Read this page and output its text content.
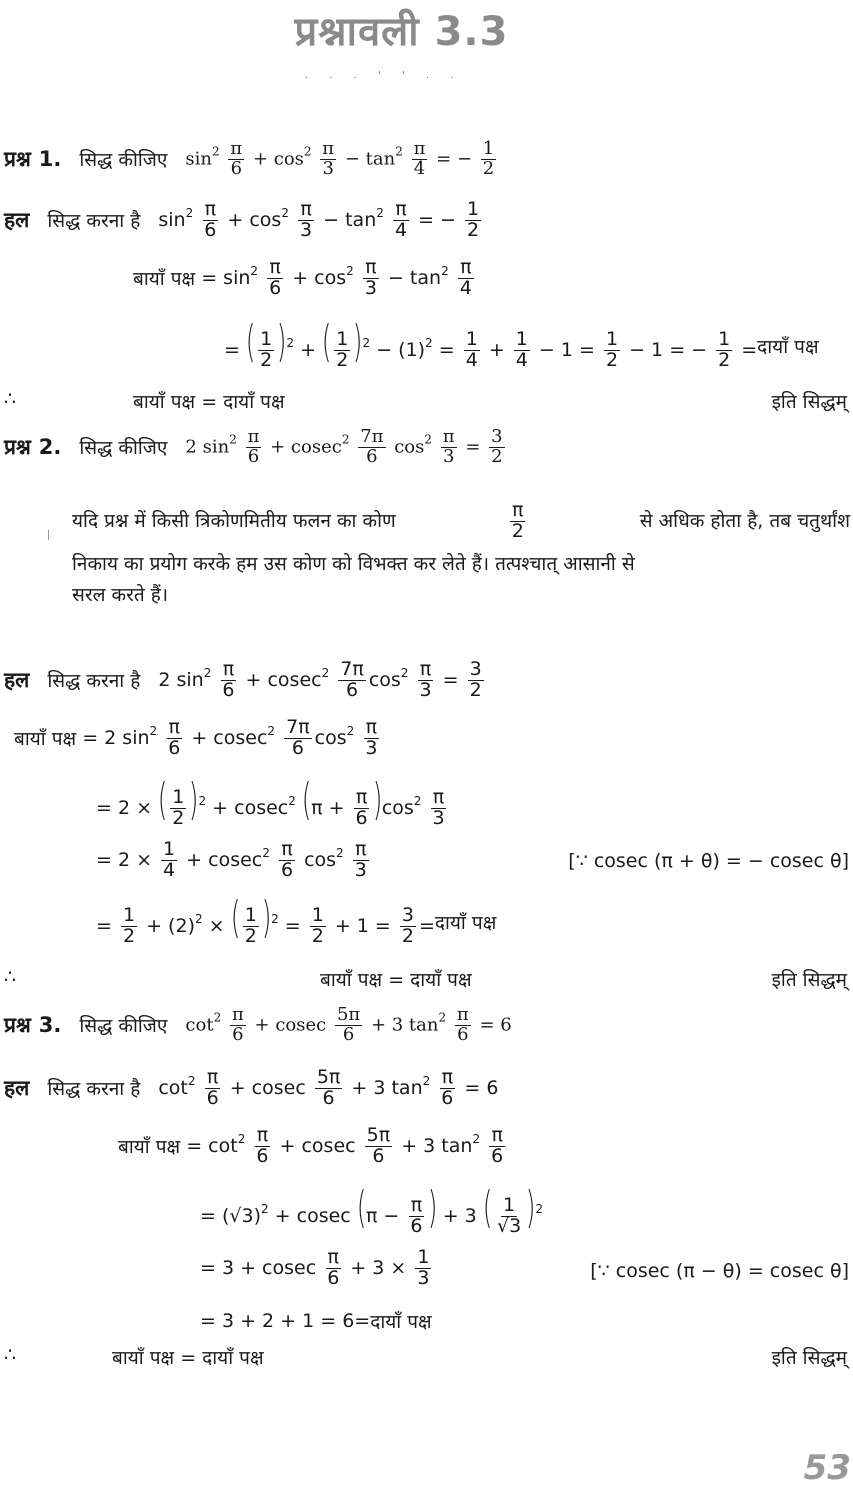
प्रश्नावली 3.3
. . . ' ' . .
प्रश्न 1. सिद्ध कीजिए $\sin^2 \frac{\pi}{6} + \cos^2 \frac{\pi}{3} - \tan^2 \frac{\pi}{4}$ = − $\frac{1}{2}$
हल सिद्ध करना है $\sin^2 \frac{\pi}{6} + \cos^2 \frac{\pi}{3} - \tan^2 \frac{\pi}{4}$ = − $\frac{1}{2}$
बायाँ पक्ष = $\sin^2 \frac{\pi}{6} + \cos^2 \frac{\pi}{3} - \tan^2 \frac{\pi}{4}$
= ( $\frac{1}{2} )^2$ + ( $\frac{1}{2} )^2 - (1)^2 = \frac{1}{4} + \frac{1}{4} - 1 = \frac{1}{2} - 1$ = − $\frac{1}{2}$ = दायाँ पक्ष
∴	बायाँ पक्ष = दायाँ पक्ष	इति सिद्धम्
प्रश्न 2. सिद्ध कीजिए 2 $\sin^2 \frac{\pi}{6} + cosec^2 \frac{7\pi}{6} \cos^2 \frac{\pi}{3} = \frac{3}{2}$
यदि प्रश्न में किसी त्रिकोणमितीय फलन का कोण	$\frac{\pi}{2}$	से अधिक होता है, तब चतुर्थांश
निकाय का प्रयोग करके हम उस कोण को विभक्त कर लेते हैं। तत्पश्चात् आसानी से
सरल करते हैं।
हल सिद्ध करना है 2 $\sin^2 \frac{\pi}{6} + cosec^2 \frac{7\pi}{6} \cos^2 \frac{\pi}{3} = \frac{3}{2}$
बायाँ पक्ष = 2 $\sin^2 \frac{\pi}{6} + cosec^2 \frac{7\pi}{6} \cos^2 \frac{\pi}{3}$
= 2 × ( $\frac{1}{2} )^2 + cosec^2$ $(\pi + \frac{\pi}{6} )\cos^2 \frac{\pi}{3}$
= $2 \times \frac{1}{4} + cosec^2 \frac{\pi}{6} \cos^2 \frac{\pi}{3}$	[∵ cosec (π + θ) = − cosec θ]
= $\frac{1}{2} + (2)^2$ × ( $\frac{1}{2} )^2 = \frac{1}{2} + 1 = \frac{3}{2}$ = दायाँ पक्ष
∴	बायाँ पक्ष = दायाँ पक्ष	इति सिद्धम्
प्रश्न 3. सिद्ध कीजिए $\cot^2 \frac{\pi}{6} + cosec \frac{5\pi}{6} + 3$ $\tan^2 \frac{\pi}{6} = 6$
हल सिद्ध करना है $\cot^2 \frac{\pi}{6} + cosec \frac{5\pi}{6} + 3$ $\tan^2 \frac{\pi}{6} = 6$
बायाँ पक्ष = $\cot^2 \frac{\pi}{6} + cosec \frac{5\pi}{6} + 3$ $\tan^2 \frac{\pi}{6}$
= $(√3)^2 + cosec$ ($\pi - \frac{\pi}{6}$ ) + 3 ( $\frac{1}{√3} )^2$
= 3 + cosec $\frac{\pi}{6} + 3 \times \frac{1}{3}$	[∵ cosec (π − θ) = cosec θ]
= 3 + 2 + 1 = 6= दायाँ पक्ष
∴	बायाँ पक्ष = दायाँ पक्ष	इति सिद्धम्
53
